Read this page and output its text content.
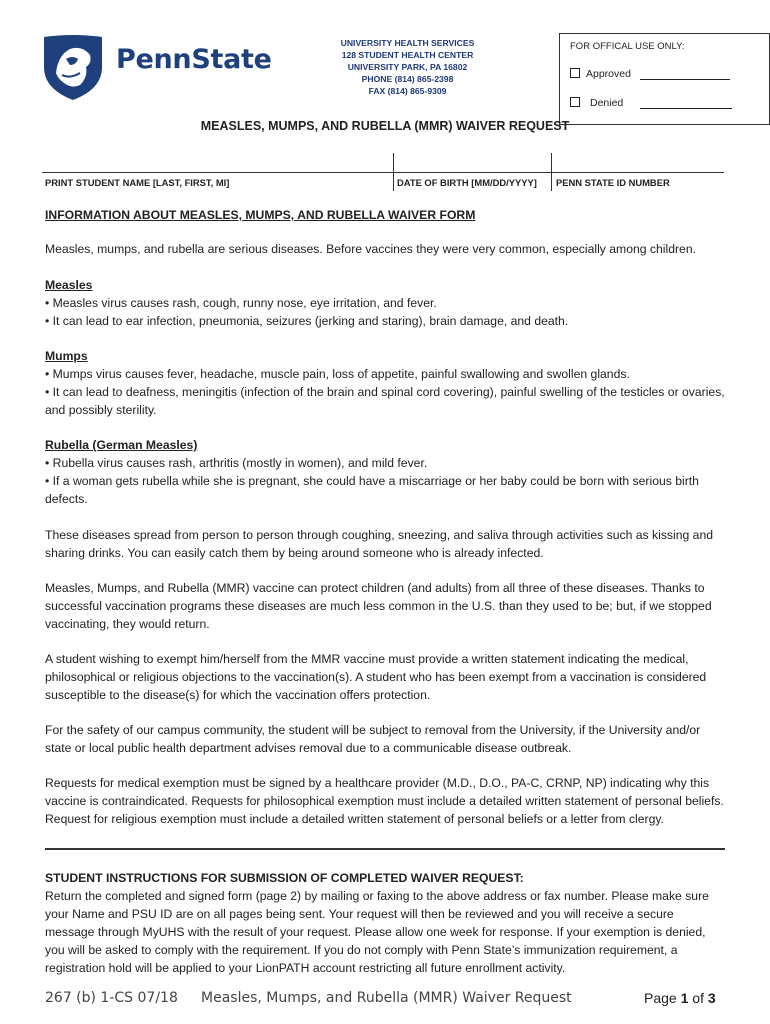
PennState
UNIVERSITY HEALTH SERVICES
128 STUDENT HEALTH CENTER
UNIVERSITY PARK, PA 16802
PHONE (814) 865-2398
FAX (814) 865-9309
FOR OFFICAL USE ONLY:
Approved
Denied
MEASLES, MUMPS, AND RUBELLA (MMR) WAIVER REQUEST
PRINT STUDENT NAME [LAST, FIRST, MI]	DATE OF BIRTH [MM/DD/YYYY] PENN STATE ID NUMBER
INFORMATION ABOUT MEASLES, MUMPS, AND RUBELLA WAIVER FORM
Measles, mumps, and rubella are serious diseases. Before vaccines they were very common, especially among children.

Measles

• Measles virus causes rash, cough, runny nose, eye irritation, and fever.

• It can lead to ear infection, pneumonia, seizures (jerking and staring), brain damage, and death.

Mumps

• Mumps virus causes fever, headache, muscle pain, loss of appetite, painful swallowing and swollen glands.

• It can lead to deafness, meningitis (infection of the brain and spinal cord covering), painful swelling of the testicles or ovaries, and possibly sterility.

Rubella (German Measles)

• Rubella virus causes rash, arthritis (mostly in women), and mild fever.

• If a woman gets rubella while she is pregnant, she could have a miscarriage or her baby could be born with serious birth defects.

These diseases spread from person to person through coughing, sneezing, and saliva through activities such as kissing and sharing drinks. You can easily catch them by being around someone who is already infected.
Measles, Mumps, and Rubella (MMR) vaccine can protect children (and adults) from all three of these diseases. Thanks to successful vaccination programs these diseases are much less common in the U.S. than they used to be; but, if we stopped vaccinating, they would return.
A student wishing to exempt him/herself from the MMR vaccine must provide a written statement indicating the medical, philosophical or religious objections to the vaccination(s). A student who has been exempt from a vaccination is considered susceptible to the disease(s) for which the vaccination offers protection.
For the safety of our campus community, the student will be subject to removal from the University, if the University and/or state or local public health department advises removal due to a communicable disease outbreak.
Requests for medical exemption must be signed by a healthcare provider (M.D., D.O., PA-C, CRNP, NP) indicating why this vaccine is contraindicated. Requests for philosophical exemption must include a detailed written statement of personal beliefs. Request for religious exemption must include a detailed written statement of personal beliefs or a letter from clergy.

STUDENT INSTRUCTIONS FOR SUBMISSION OF COMPLETED WAIVER REQUEST:

Return the completed and signed form (page 2) by mailing or faxing to the above address or fax number. Please make sure your Name and PSU ID are on all pages being sent. Your request will then be reviewed and you will receive a secure message through MyUHS with the result of your request. Please allow one week for response. If your exemption is denied, you will be asked to comply with the requirement. If you do not comply with Penn State’s immunization requirement, a registration hold will be applied to your LionPATH account restricting all future enrollment activity.

267 (b) 1-CS 07/18 Measles, Mumps, and Rubella (MMR) Waiver Request	Page 1 of 3
